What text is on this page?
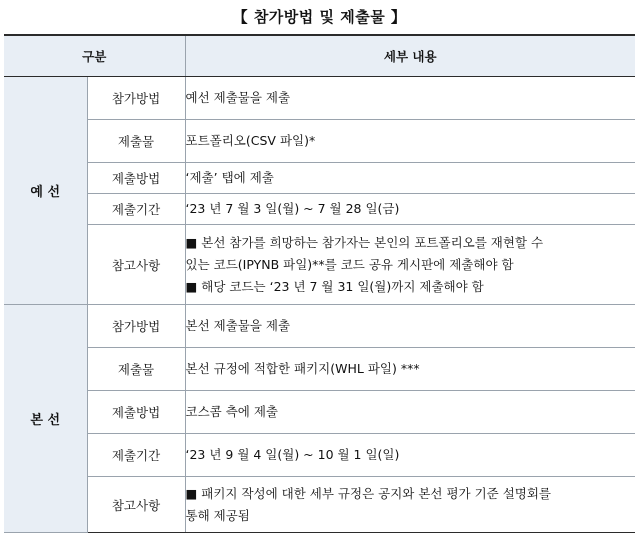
【 참가방법 및 제출물 】
구분		세부 내용
예 선	참가방법	예선 제출물을 제출
	제출물	포트폴리오(CSV 파일)*
	제출방법	‘제출’ 탭에 제출
	제출기간	‘23 년 7 월 3 일(월) ~ 7 월 28 일(금)
	참고사항	■ 본선 참가를 희망하는 참가자는 본인의 포트폴리오를 재현할 수
있는 코드(IPYNB 파일)**를 코드 공유 게시판에 제출해야 함
■ 해당 코드는 ‘23 년 7 월 31 일(월)까지 제출해야 함

본 선	참가방법	본선 제출물을 제출
	제출물	본선 규정에 적합한 패키지(WHL 파일) ***
	제출방법	코스콤 측에 제출
	제출기간	‘23 년 9 월 4 일(월) ~ 10 월 1 일(일)
	참고사항	■ 패키지 작성에 대한 세부 규정은 공지와 본선 평가 기준 설명회를
통해 제공됨
